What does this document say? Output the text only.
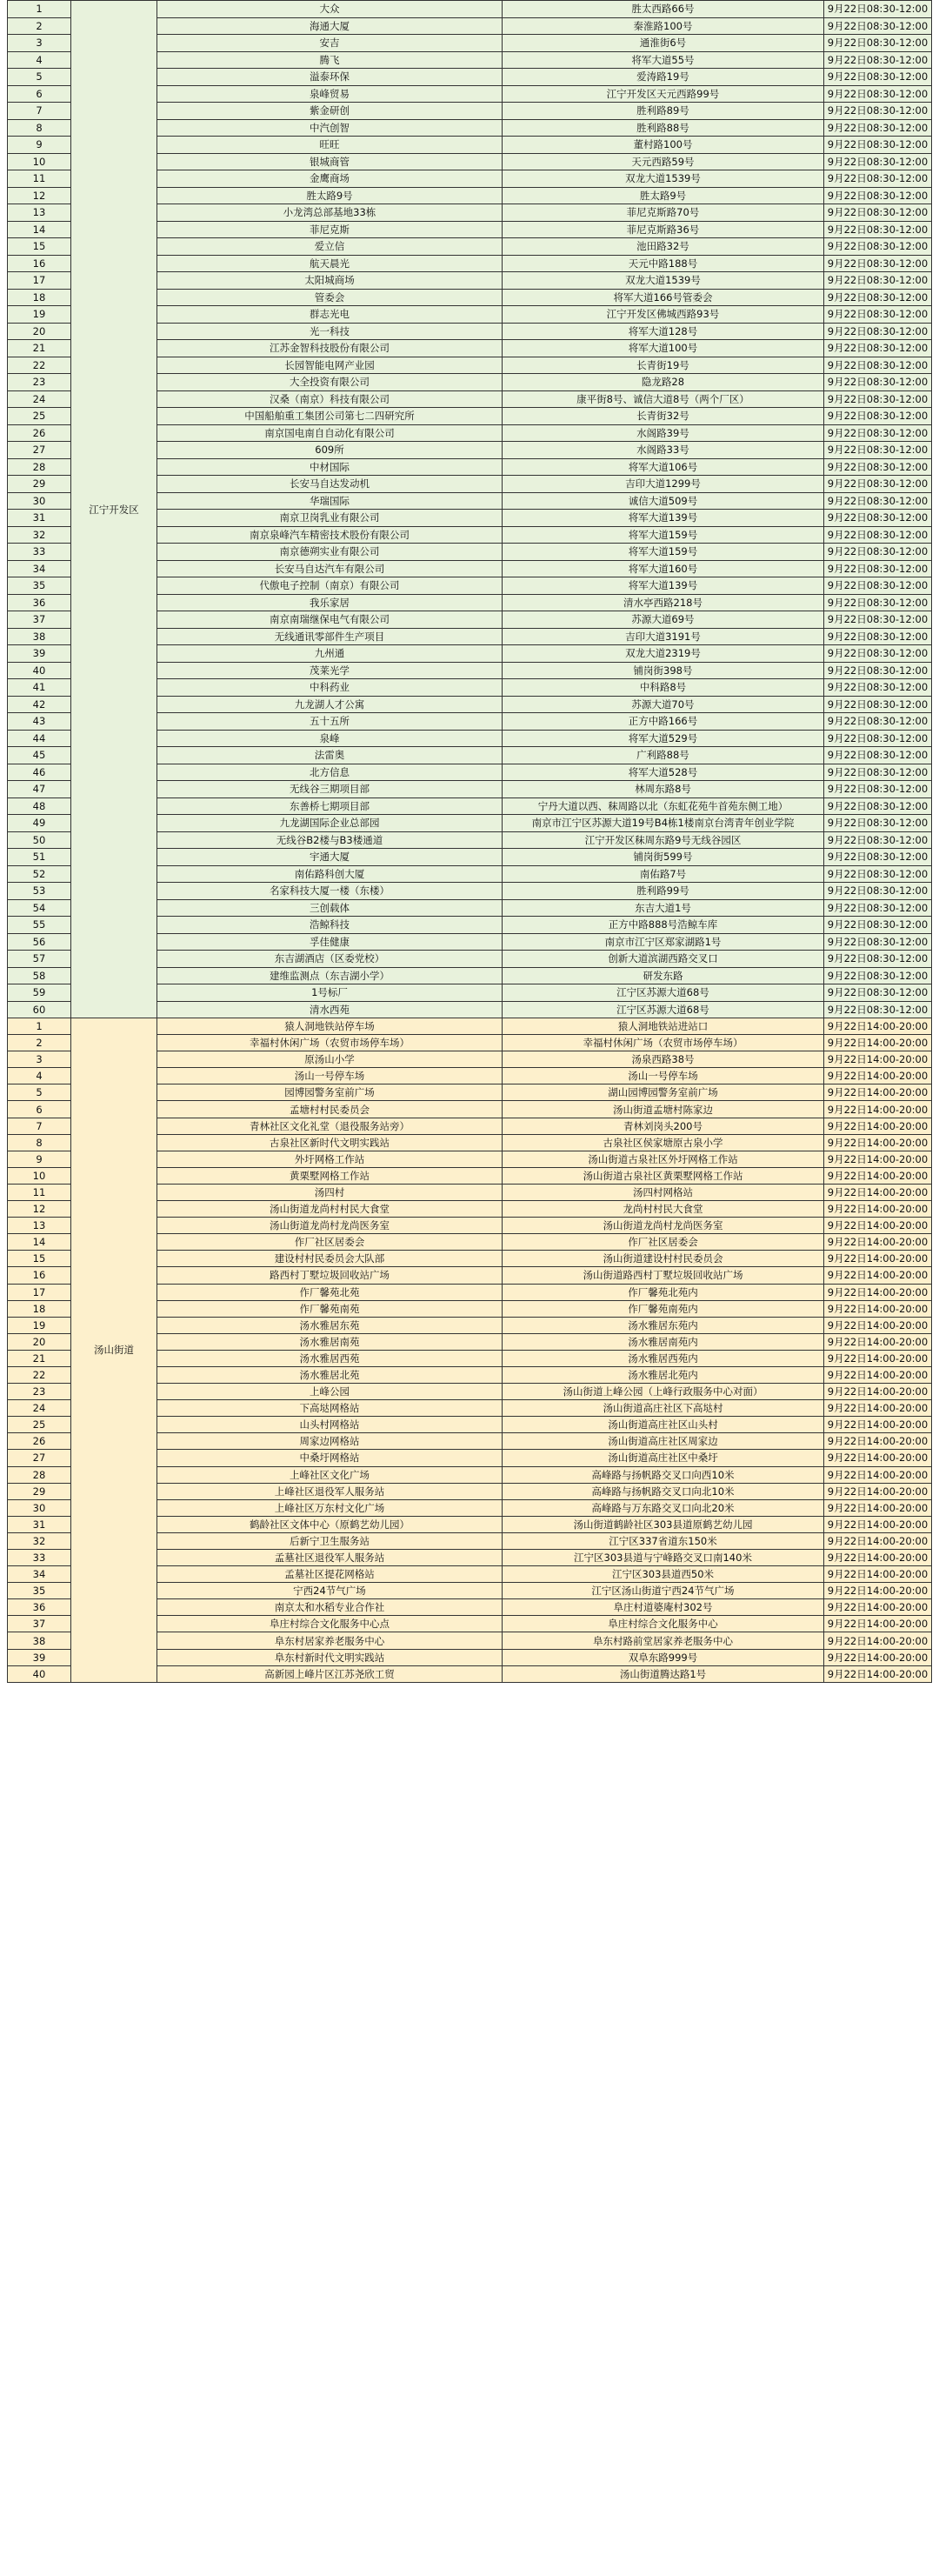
1	江宁开发区	大众	胜太西路66号	9月22日08:30-12:00
2		海通大厦	秦淮路100号	9月22日08:30-12:00
3		安吉	通淮街6号	9月22日08:30-12:00
4		腾飞	将军大道55号	9月22日08:30-12:00
5		溢泰环保	爱涛路19号	9月22日08:30-12:00
6		泉峰贸易	江宁开发区天元西路99号	9月22日08:30-12:00
7		紫金研创	胜利路89号	9月22日08:30-12:00
8		中汽创智	胜利路88号	9月22日08:30-12:00
9		旺旺	董村路100号	9月22日08:30-12:00
10		银城商管	天元西路59号	9月22日08:30-12:00
11		金鹰商场	双龙大道1539号	9月22日08:30-12:00
12		胜太路9号	胜太路9号	9月22日08:30-12:00
13		小龙湾总部基地33栋	菲尼克斯路70号	9月22日08:30-12:00
14		菲尼克斯	菲尼克斯路36号	9月22日08:30-12:00
15		爱立信	池田路32号	9月22日08:30-12:00
16		航天晨光	天元中路188号	9月22日08:30-12:00
17		太阳城商场	双龙大道1539号	9月22日08:30-12:00
18		管委会	将军大道166号管委会	9月22日08:30-12:00
19		群志光电	江宁开发区佛城西路93号	9月22日08:30-12:00
20		光一科技	将军大道128号	9月22日08:30-12:00
21		江苏金智科技股份有限公司	将军大道100号	9月22日08:30-12:00
22		长园智能电网产业园	长青街19号	9月22日08:30-12:00
23		大全投资有限公司	隐龙路28	9月22日08:30-12:00
24		汉桑（南京）科技有限公司	康平街8号、诚信大道8号（两个厂区）	9月22日08:30-12:00
25		中国船舶重工集团公司第七二四研究所	长青街32号	9月22日08:30-12:00
26		南京国电南自自动化有限公司	水阁路39号	9月22日08:30-12:00
27		609所	水阁路33号	9月22日08:30-12:00
28		中材国际	将军大道106号	9月22日08:30-12:00
29		长安马自达发动机	吉印大道1299号	9月22日08:30-12:00
30		华瑞国际	诚信大道509号	9月22日08:30-12:00
31		南京卫岗乳业有限公司	将军大道139号	9月22日08:30-12:00
32		南京泉峰汽车精密技术股份有限公司	将军大道159号	9月22日08:30-12:00
33		南京德朔实业有限公司	将军大道159号	9月22日08:30-12:00
34		长安马自达汽车有限公司	将军大道160号	9月22日08:30-12:00
35		代傲电子控制（南京）有限公司	将军大道139号	9月22日08:30-12:00
36		我乐家居	清水亭西路218号	9月22日08:30-12:00
37		南京南瑞继保电气有限公司	苏源大道69号	9月22日08:30-12:00
38		无线通讯零部件生产项目	吉印大道3191号	9月22日08:30-12:00
39		九州通	双龙大道2319号	9月22日08:30-12:00
40		茂莱光学	铺岗街398号	9月22日08:30-12:00
41		中科药业	中科路8号	9月22日08:30-12:00
42		九龙湖人才公寓	苏源大道70号	9月22日08:30-12:00
43		五十五所	正方中路166号	9月22日08:30-12:00
44		泉峰	将军大道529号	9月22日08:30-12:00
45		法雷奥	广利路88号	9月22日08:30-12:00
46		北方信息	将军大道528号	9月22日08:30-12:00
47		无线谷三期项目部	林周东路8号	9月22日08:30-12:00
48		东善桥七期项目部	宁丹大道以西、秣周路以北（东虹花苑牛首苑东侧工地）	9月22日08:30-12:00
49		九龙湖国际企业总部园	南京市江宁区苏源大道19号B4栋1楼南京台湾青年创业学院	9月22日08:30-12:00
50		无线谷B2楼与B3楼通道	江宁开发区秣周东路9号无线谷园区	9月22日08:30-12:00
51		宇通大厦	铺岗街599号	9月22日08:30-12:00
52		南佑路科创大厦	南佑路7号	9月22日08:30-12:00
53		名家科技大厦一楼（东楼）	胜利路99号	9月22日08:30-12:00
54		三创载体	东吉大道1号	9月22日08:30-12:00
55		浩鲸科技	正方中路888号浩鲸车库	9月22日08:30-12:00
56		孚佳健康	南京市江宁区郑家湖路1号	9月22日08:30-12:00
57		东吉湖酒店（区委党校）	创新大道滨湖西路交叉口	9月22日08:30-12:00
58		建维监测点（东吉湖小学）	研发东路	9月22日08:30-12:00
59		1号标厂	江宁区苏源大道68号	9月22日08:30-12:00
60		清水西苑	江宁区苏源大道68号	9月22日08:30-12:00
1	汤山街道	猿人洞地铁站停车场	猿人洞地铁站进站口	9月22日14:00-20:00
2		幸福村休闲广场（农贸市场停车场）	幸福村休闲广场（农贸市场停车场）	9月22日14:00-20:00
3		原汤山小学	汤泉西路38号	9月22日14:00-20:00
4		汤山一号停车场	汤山一号停车场	9月22日14:00-20:00
5		园博园警务室前广场	湖山园博园警务室前广场	9月22日14:00-20:00
6		孟塘村村民委员会	汤山街道孟塘村陈家边	9月22日14:00-20:00
7		青林社区文化礼堂（退役服务站旁）	青林刘岗头200号	9月22日14:00-20:00
8		古泉社区新时代文明实践站	古泉社区侯家塘原古泉小学	9月22日14:00-20:00
9		外圩网格工作站	汤山街道古泉社区外圩网格工作站	9月22日14:00-20:00
10		黄栗墅网格工作站	汤山街道古泉社区黄栗墅网格工作站	9月22日14:00-20:00
11		汤四村	汤四村网格站	9月22日14:00-20:00
12		汤山街道龙尚村村民大食堂	龙尚村村民大食堂	9月22日14:00-20:00
13		汤山街道龙尚村龙尚医务室	汤山街道龙尚村龙尚医务室	9月22日14:00-20:00
14		作厂社区居委会	作厂社区居委会	9月22日14:00-20:00
15		建设村村民委员会大队部	汤山街道建设村村民委员会	9月22日14:00-20:00
16		路西村丁墅垃圾回收站广场	汤山街道路西村丁墅垃圾回收站广场	9月22日14:00-20:00
17		作厂馨苑北苑	作厂馨苑北苑内	9月22日14:00-20:00
18		作厂馨苑南苑	作厂馨苑南苑内	9月22日14:00-20:00
19		汤水雅居东苑	汤水雅居东苑内	9月22日14:00-20:00
20		汤水雅居南苑	汤水雅居南苑内	9月22日14:00-20:00
21		汤水雅居西苑	汤水雅居西苑内	9月22日14:00-20:00
22		汤水雅居北苑	汤水雅居北苑内	9月22日14:00-20:00
23		上峰公园	汤山街道上峰公园（上峰行政服务中心对面）	9月22日14:00-20:00
24		下高垯网格站	汤山街道高庄社区下高垯村	9月22日14:00-20:00
25		山头村网格站	汤山街道高庄社区山头村	9月22日14:00-20:00
26		周家边网格站	汤山街道高庄社区周家边	9月22日14:00-20:00
27		中桑圩网格站	汤山街道高庄社区中桑圩	9月22日14:00-20:00
28		上峰社区文化广场	高峰路与扬帆路交叉口向西10米	9月22日14:00-20:00
29		上峰社区退役军人服务站	高峰路与扬帆路交叉口向北10米	9月22日14:00-20:00
30		上峰社区万东村文化广场	高峰路与万东路交叉口向北20米	9月22日14:00-20:00
31		鹤龄社区文体中心（原鹤艺幼儿园）	汤山街道鹤龄社区303县道原鹤艺幼儿园	9月22日14:00-20:00
32		后新宁卫生服务站	江宁区337省道东150米	9月22日14:00-20:00
33		孟墓社区退役军人服务站	江宁区303县道与宁峰路交叉口南140米	9月22日14:00-20:00
34		孟墓社区提花网格站	江宁区303县道西50米	9月22日14:00-20:00
35		宁西24节气广场	江宁区汤山街道宁西24节气广场	9月22日14:00-20:00
36		南京太和水稻专业合作社	阜庄村道婆庵村302号	9月22日14:00-20:00
37		阜庄村综合文化服务中心点	阜庄村综合文化服务中心	9月22日14:00-20:00
38		阜东村居家养老服务中心	阜东村路前堂居家养老服务中心	9月22日14:00-20:00
39		阜东村新时代文明实践站	双阜东路999号	9月22日14:00-20:00
40		高新园上峰片区江苏尧欣工贸	汤山街道腾达路1号	9月22日14:00-20:00
